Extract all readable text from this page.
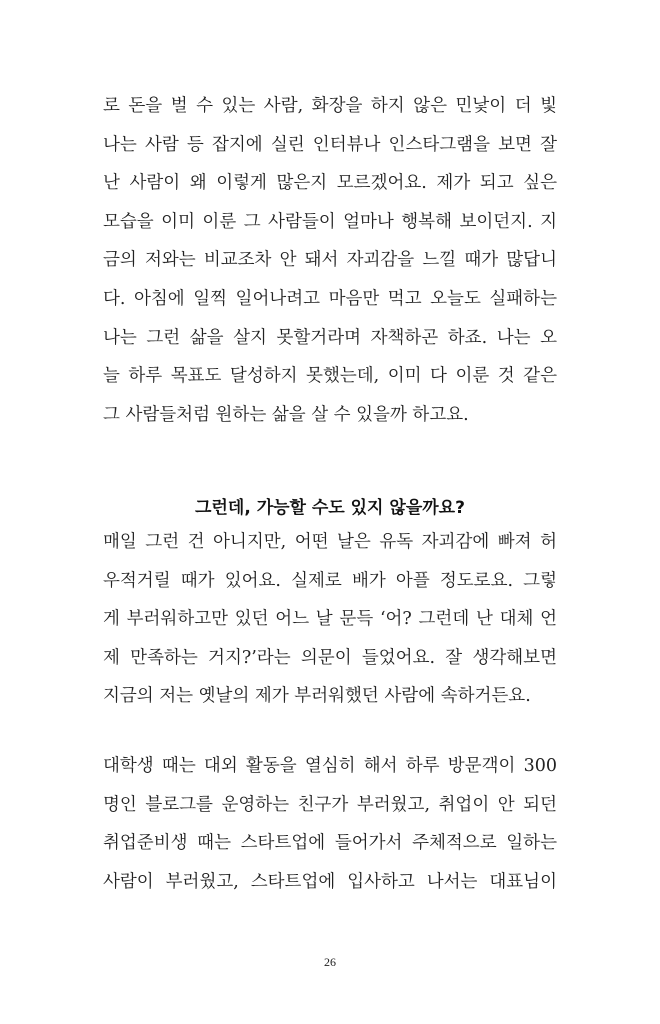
로 돈을 벌 수 있는 사람, 화장을 하지 않은 민낯이 더 빛
나는 사람 등 잡지에 실린 인터뷰나 인스타그램을 보면 잘
난 사람이 왜 이렇게 많은지 모르겠어요. 제가 되고 싶은
모습을 이미 이룬 그 사람들이 얼마나 행복해 보이던지. 지
금의 저와는 비교조차 안 돼서 자괴감을 느낄 때가 많답니
다. 아침에 일찍 일어나려고 마음만 먹고 오늘도 실패하는
나는 그런 삶을 살지 못할거라며 자책하곤 하죠. 나는 오
늘 하루 목표도 달성하지 못했는데, 이미 다 이룬 것 같은
그 사람들처럼 원하는 삶을 살 수 있을까 하고요.
그런데, 가능할 수도 있지 않을까요?
매일 그런 건 아니지만, 어떤 날은 유독 자괴감에 빠져 허
우적거릴 때가 있어요. 실제로 배가 아플 정도로요. 그렇
게 부러워하고만 있던 어느 날 문득 ‘어? 그런데 난 대체 언
제 만족하는 거지?’라는 의문이 들었어요. 잘 생각해보면
지금의 저는 옛날의 제가 부러워했던 사람에 속하거든요.
대학생 때는 대외 활동을 열심히 해서 하루 방문객이 300
명인 블로그를 운영하는 친구가 부러웠고, 취업이 안 되던
취업준비생 때는 스타트업에 들어가서 주체적으로 일하는
사람이 부러웠고, 스타트업에 입사하고 나서는 대표님이
26
